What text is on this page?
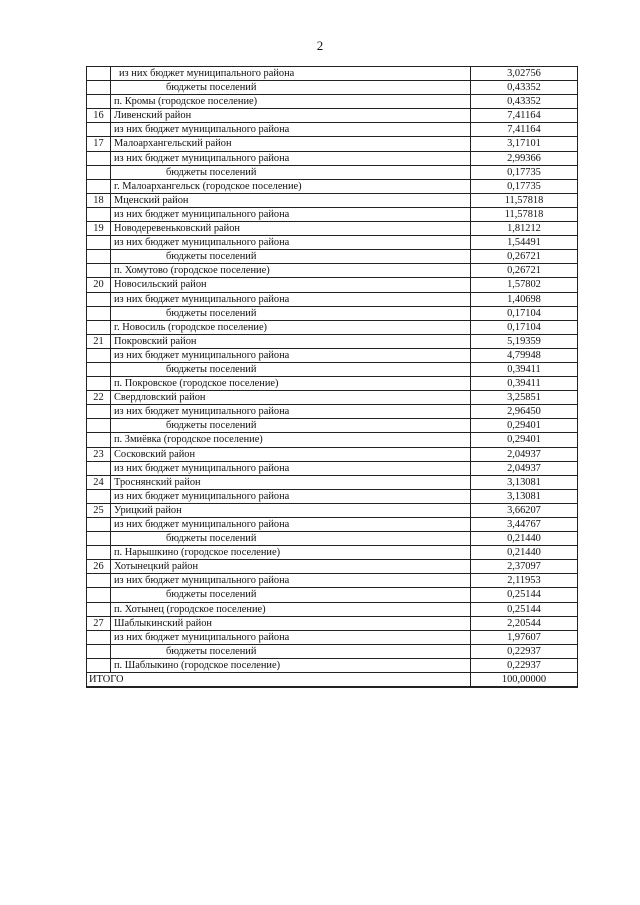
2
из них бюджет муниципального района	3,02756
бюджеты поселений	0,43352
п. Кромы (городское поселение)	0,43352
16 Ливенский район	7,41164
из них бюджет муниципального района	7,41164
17 Малоархангельский район	3,17101
из них бюджет муниципального района	2,99366
бюджеты поселений	0,17735
г. Малоархангельск (городское поселение)	0,17735
18 Мценский район	11,57818
из них бюджет муниципального района	11,57818
19 Новодеревеньковский район	1,81212
из них бюджет муниципального района	1,54491
бюджеты поселений	0,26721
п. Хомутово (городское поселение)	0,26721
20 Новосильский район	1,57802
из них бюджет муниципального района	1,40698
бюджеты поселений	0,17104
г. Новосиль (городское поселение)	0,17104
21 Покровский район	5,19359
из них бюджет муниципального района	4,79948
бюджеты поселений	0,39411
п. Покровское (городское поселение)	0,39411
22 Свердловский район	3,25851
из них бюджет муниципального района	2,96450
бюджеты поселений	0,29401
п. Змиёвка (городское поселение)	0,29401
23 Сосковский район	2,04937
из них бюджет муниципального района	2,04937
24 Троснянский район	3,13081
из них бюджет муниципального района	3,13081
25 Урицкий район	3,66207
из них бюджет муниципального района	3,44767
бюджеты поселений	0,21440
п. Нарышкино (городское поселение)	0,21440
26 Хотынецкий район	2,37097
из них бюджет муниципального района	2,11953
бюджеты поселений	0,25144
п. Хотынец (городское поселение)	0,25144
27 Шаблыкинский район	2,20544
из них бюджет муниципального района	1,97607
бюджеты поселений	0,22937
п. Шаблыкино (городское поселение)	0,22937
ИТОГО	100,00000
